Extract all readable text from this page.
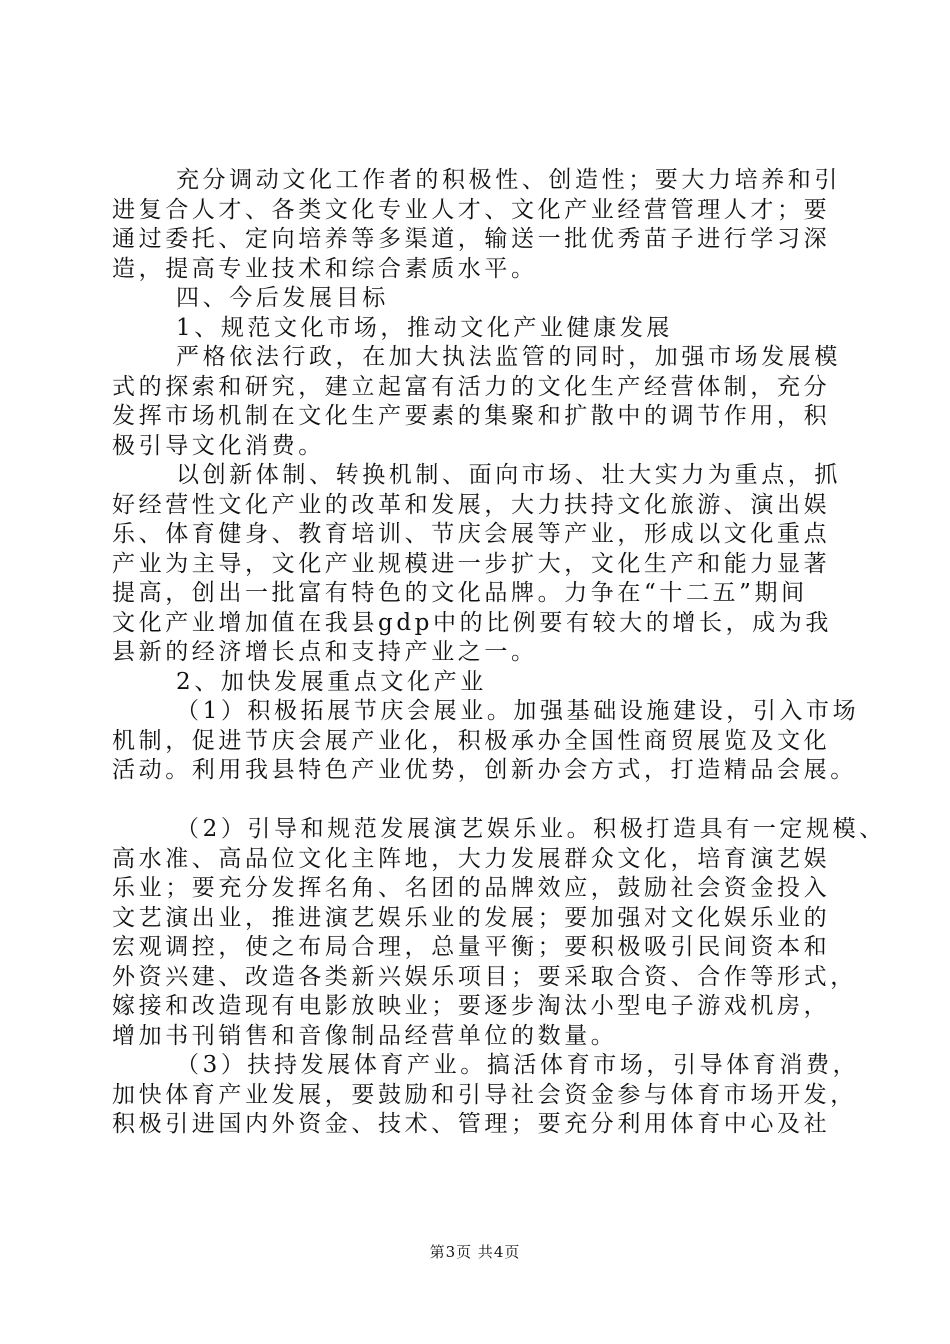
充分调动文化工作者的积极性、创造性；要大力培养和引
进复合人才、各类文化专业人才、文化产业经营管理人才；要
通过委托、定向培养等多渠道，输送一批优秀苗子进行学习深
造，提高专业技术和综合素质水平。
四、今后发展目标
1、规范文化市场，推动文化产业健康发展
严格依法行政，在加大执法监管的同时，加强市场发展模
式的探索和研究，建立起富有活力的文化生产经营体制，充分
发挥市场机制在文化生产要素的集聚和扩散中的调节作用，积
极引导文化消费。
以创新体制、转换机制、面向市场、壮大实力为重点，抓
好经营性文化产业的改革和发展，大力扶持文化旅游、演出娱
乐、体育健身、教育培训、节庆会展等产业，形成以文化重点
产业为主导，文化产业规模进一步扩大，文化生产和能力显著
提高，创出一批富有特色的文化品牌。力争在“十二五”期间
文化产业增加值在我县gdp中的比例要有较大的增长，成为我
县新的经济增长点和支持产业之一。
2、加快发展重点文化产业
（1）积极拓展节庆会展业。加强基础设施建设，引入市场
机制，促进节庆会展产业化，积极承办全国性商贸展览及文化
活动。利用我县特色产业优势，创新办会方式，打造精品会展。
（2）引导和规范发展演艺娱乐业。积极打造具有一定规模、
高水准、高品位文化主阵地，大力发展群众文化，培育演艺娱
乐业；要充分发挥名角、名团的品牌效应，鼓励社会资金投入
文艺演出业，推进演艺娱乐业的发展；要加强对文化娱乐业的
宏观调控，使之布局合理，总量平衡；要积极吸引民间资本和
外资兴建、改造各类新兴娱乐项目；要采取合资、合作等形式，
嫁接和改造现有电影放映业；要逐步淘汰小型电子游戏机房，
增加书刊销售和音像制品经营单位的数量。
（3）扶持发展体育产业。搞活体育市场，引导体育消费，
加快体育产业发展，要鼓励和引导社会资金参与体育市场开发，
积极引进国内外资金、技术、管理；要充分利用体育中心及社
第3页 共4页
